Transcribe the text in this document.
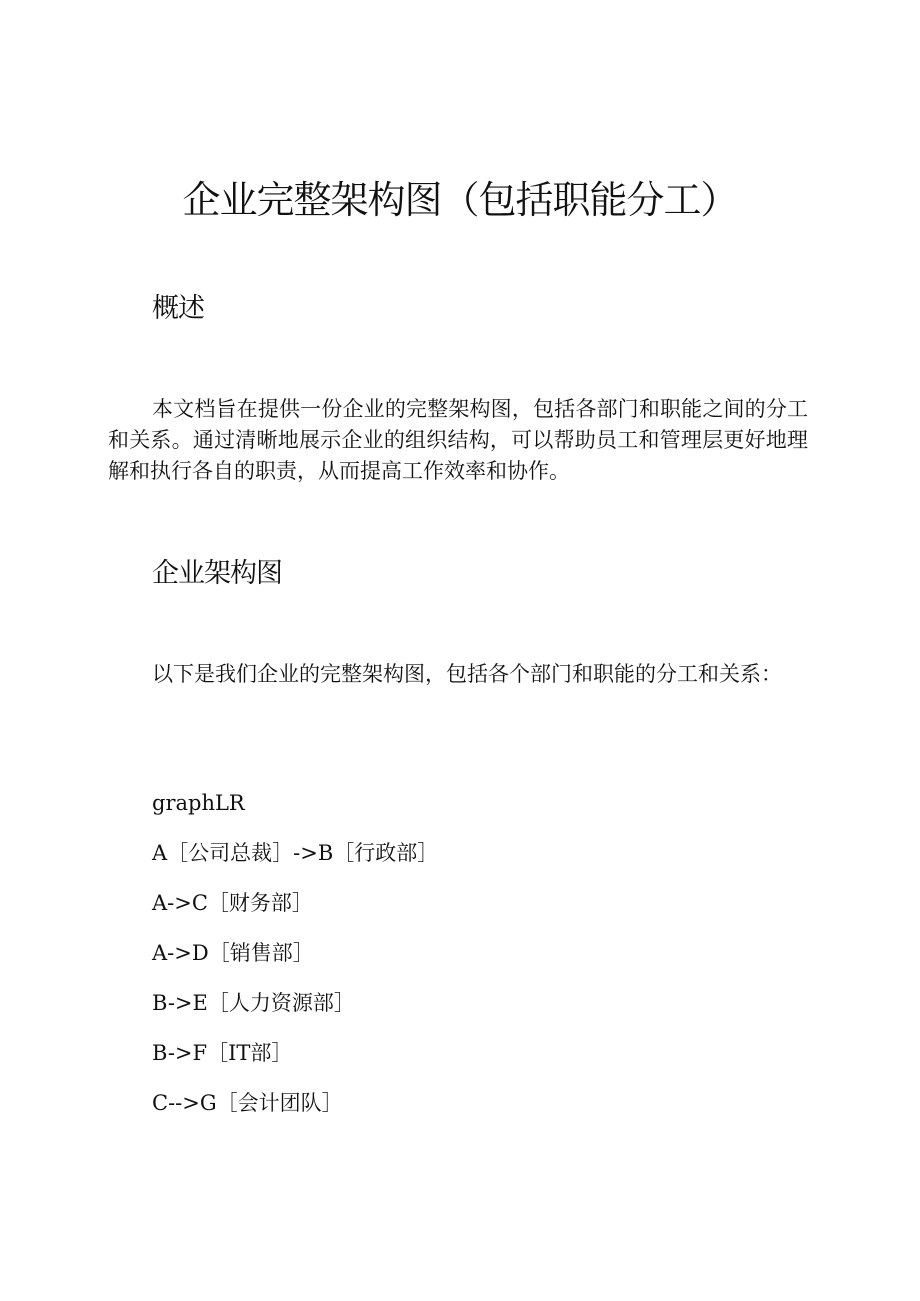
企业完整架构图（包括职能分工）
概述

本文档旨在提供一份企业的完整架构图，包括各部门和职能之间的分工和关系。通过清晰地展示企业的组织结构，可以帮助员工和管理层更好地理解和执行各自的职责，从而提高工作效率和协作。

企业架构图

以下是我们企业的完整架构图，包括各个部门和职能的分工和关系：

graphLR
A［公司总裁］->B［行政部］
A->C［财务部］
A->D［销售部］
B->E［人力资源部］
B->F［IT部］
C-->G［会计团队］
